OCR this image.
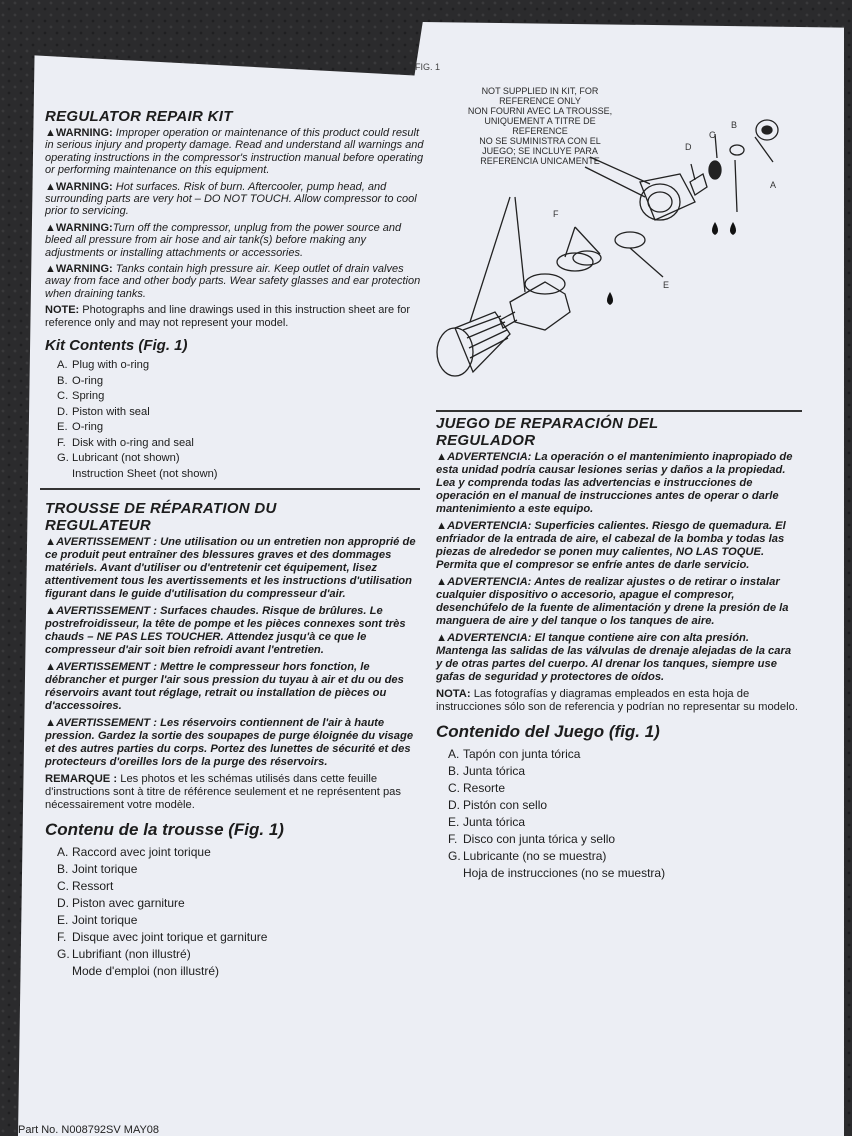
FIG. 1
NOT SUPPLIED IN KIT, FOR
REFERENCE ONLY
NON FOURNI AVEC LA TROUSSE,
UNIQUEMENT A TITRE DE
REFERENCE
NO SE SUMINISTRA CON EL
JUEGO; SE INCLUYE PARA
REFERENCIA UNICAMENTE
A
B
C
D
E
F
REGULATOR REPAIR KIT

▲WARNING: Improper operation or maintenance of this product could result in serious injury and property damage. Read and understand all warnings and operating instructions in the compressor's instruction manual before operating or performing maintenance on this equipment.

▲WARNING: Hot surfaces. Risk of burn. Aftercooler, pump head, and surrounding parts are very hot – DO NOT TOUCH. Allow compressor to cool prior to servicing.

▲WARNING:Turn off the compressor, unplug from the power source and bleed all pressure from air hose and air tank(s) before making any adjustments or installing attachments or accessories.

▲WARNING: Tanks contain high pressure air. Keep outlet of drain valves away from face and other body parts. Wear safety glasses and ear protection when draining tanks.

NOTE: Photographs and line drawings used in this instruction sheet are for reference only and may not represent your model.

Kit Contents (Fig. 1)
A. Plug with o-ring
B. O-ring
C. Spring
D. Piston with seal
E. O-ring
F. Disk with o-ring and seal
G. Lubricant (not shown)
Instruction Sheet (not shown)
TROUSSE DE RÉPARATION DU REGULATEUR

▲AVERTISSEMENT : Une utilisation ou un entretien non approprié de ce produit peut entraîner des blessures graves et des dommages matériels. Avant d'utiliser ou d'entretenir cet équipement, lisez attentivement tous les avertissements et les instructions d'utilisation figurant dans le guide d'utilisation du compresseur d'air.

▲AVERTISSEMENT : Surfaces chaudes. Risque de brûlures. Le postrefroidisseur, la tête de pompe et les pièces connexes sont très chauds – NE PAS LES TOUCHER. Attendez jusqu'à ce que le compresseur d'air soit bien refroidi avant l'entretien.

▲AVERTISSEMENT : Mettre le compresseur hors fonction, le débrancher et purger l'air sous pression du tuyau à air et du ou des réservoirs avant tout réglage, retrait ou installation de pièces ou d'accessoires.

▲AVERTISSEMENT : Les réservoirs contiennent de l'air à haute pression. Gardez la sortie des soupapes de purge éloignée du visage et des autres parties du corps. Portez des lunettes de sécurité et des protecteurs d'oreilles lors de la purge des réservoirs.

REMARQUE : Les photos et les schémas utilisés dans cette feuille d'instructions sont à titre de référence seulement et ne représentent pas nécessairement votre modèle.

Contenu de la trousse (Fig. 1)
A. Raccord avec joint torique
B. Joint torique
C. Ressort
D. Piston avec garniture
E. Joint torique
F. Disque avec joint torique et garniture
G. Lubrifiant (non illustré)
Mode d'emploi (non illustré)
JUEGO DE REPARACIÓN DEL REGULADOR

▲ADVERTENCIA: La operación o el mantenimiento inapropiado de esta unidad podría causar lesiones serias y daños a la propiedad. Lea y comprenda todas las advertencias e instrucciones de operación en el manual de instrucciones antes de operar o darle mantenimiento a este equipo.

▲ADVERTENCIA: Superficies calientes. Riesgo de quemadura. El enfriador de la entrada de aire, el cabezal de la bomba y todas las piezas de alrededor se ponen muy calientes, NO LAS TOQUE. Permita que el compresor se enfríe antes de darle servicio.

▲ADVERTENCIA: Antes de realizar ajustes o de retirar o instalar cualquier dispositivo o accesorio, apague el compresor, desenchúfelo de la fuente de alimentación y drene la presión de la manguera de aire y del tanque o los tanques de aire.

▲ADVERTENCIA: El tanque contiene aire con alta presión. Mantenga las salidas de las válvulas de drenaje alejadas de la cara y de otras partes del cuerpo. Al drenar los tanques, siempre use gafas de seguridad y protectores de oídos.

NOTA: Las fotografías y diagramas empleados en esta hoja de instrucciones sólo son de referencia y podrían no representar su modelo.

Contenido del Juego (fig. 1)
A. Tapón con junta tórica
B. Junta tórica
C. Resorte
D. Pistón con sello
E. Junta tórica
F. Disco con junta tórica y sello
G. Lubricante (no se muestra)
Hoja de instrucciones (no se muestra)
Part No. N008792SV MAY08
